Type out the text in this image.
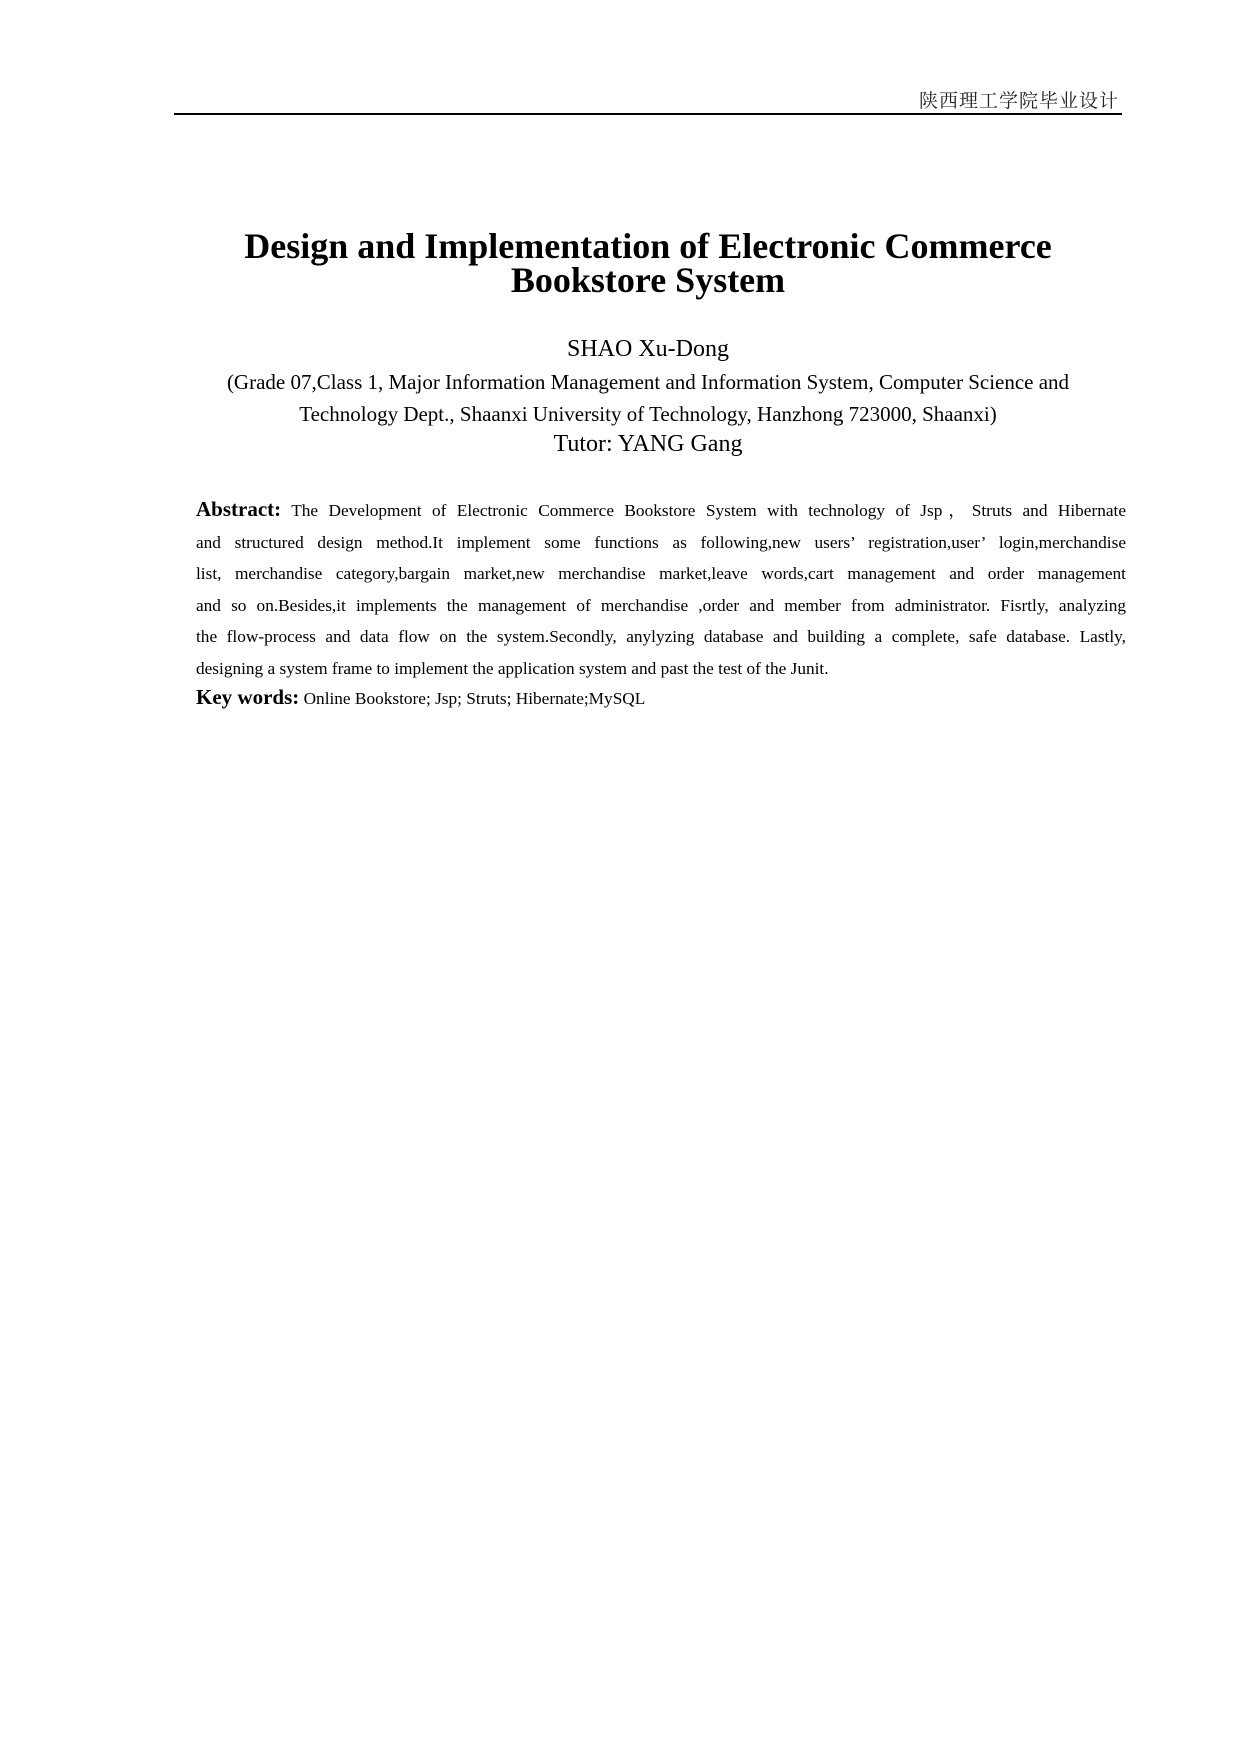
陕西理工学院毕业设计
Design and Implementation of Electronic Commerce
Bookstore System
SHAO Xu-Dong
(Grade 07,Class 1, Major Information Management and Information System, Computer Science and
Technology Dept., Shaanxi University of Technology, Hanzhong 723000, Shaanxi)
Tutor: YANG Gang
Abstract: The Development of Electronic Commerce Bookstore System with technology of Jsp，Struts and Hibernate
and structured design method.It implement some functions as following,new users’ registration,user’ login,merchandise
list, merchandise category,bargain market,new merchandise market,leave words,cart management and order management
and so on.Besides,it implements the management of merchandise ,order and member from administrator. Fisrtly, analyzing
the flow-process and data flow on the system.Secondly, anylyzing database and building a complete, safe database. Lastly,
designing a system frame to implement the application system and past the test of the Junit.
Key words: Online Bookstore; Jsp; Struts; Hibernate;MySQL
